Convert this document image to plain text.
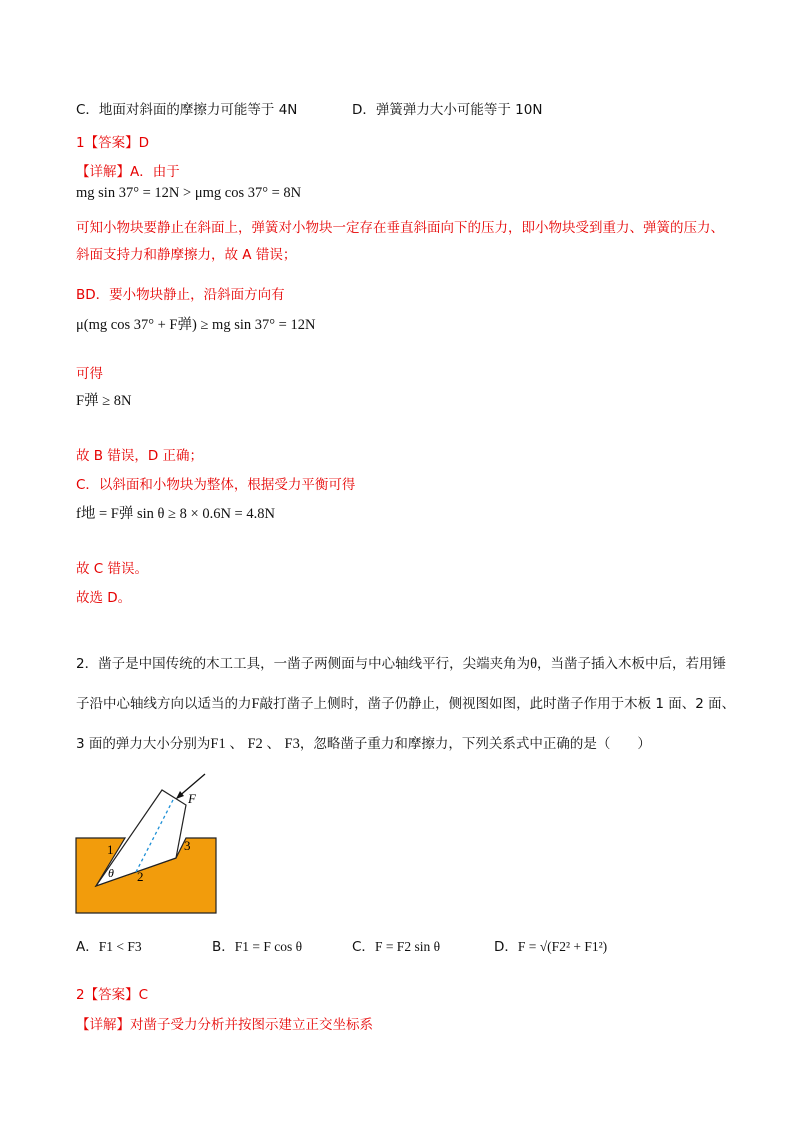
C．地面对斜面的摩擦力可能等于 4N	D．弹簧弹力大小可能等于 10N
1【答案】D
【详解】A．由于
mg sin 37° = 12N > μmg cos 37° = 8N
可知小物块要静止在斜面上，弹簧对小物块一定存在垂直斜面向下的压力，即小物块受到重力、弹簧的压力、斜面支持力和静摩擦力，故 A 错误；
BD．要小物块静止，沿斜面方向有
μ(mg cos 37° + F弹) ≥ mg sin 37° = 12N
可得
F弹 ≥ 8N
故 B 错误，D 正确；
C．以斜面和小物块为整体，根据受力平衡可得
f地 = F弹 sin θ ≥ 8 × 0.6N = 4.8N
故 C 错误。
故选 D。
2．凿子是中国传统的木工工具，一凿子两侧面与中心轴线平行，尖端夹角为θ，当凿子插入木板中后，若用锤子沿中心轴线方向以适当的力F敲打凿子上侧时，凿子仍静止，侧视图如图，此时凿子作用于木板 1 面、2 面、3 面的弹力大小分别为F1 、 F2 、 F3，忽略凿子重力和摩擦力，下列关系式中正确的是（　　）
F
1	3
2
θ
A．F1 < F3	B．F1 = F cos θ	C．F = F2 sin θ	D．F = √(F2² + F1²)
2【答案】C
【详解】对凿子受力分析并按图示建立正交坐标系
